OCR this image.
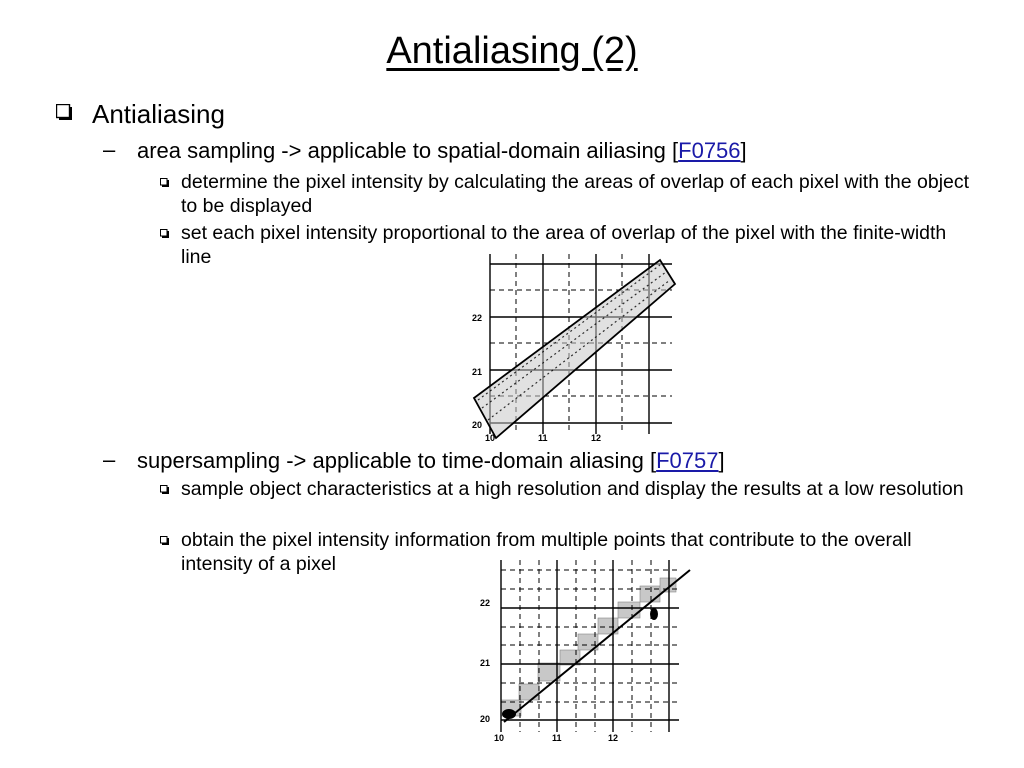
Antialiasing (2)
Antialiasing
– area sampling -> applicable to spatial-domain ailiasing [F0756]
determine the pixel intensity by calculating the areas of overlap of each pixel with the object to be displayed
set each pixel intensity proportional to the area of overlap of the pixel with the finite-width line
22
21
20
10	11	12
– supersampling -> applicable to time-domain aliasing [F0757]
sample object characteristics at a high resolution and display the results at a low resolution
obtain the pixel intensity information from multiple points that contribute to the overall intensity of a pixel
22
21
20
10	11	12
